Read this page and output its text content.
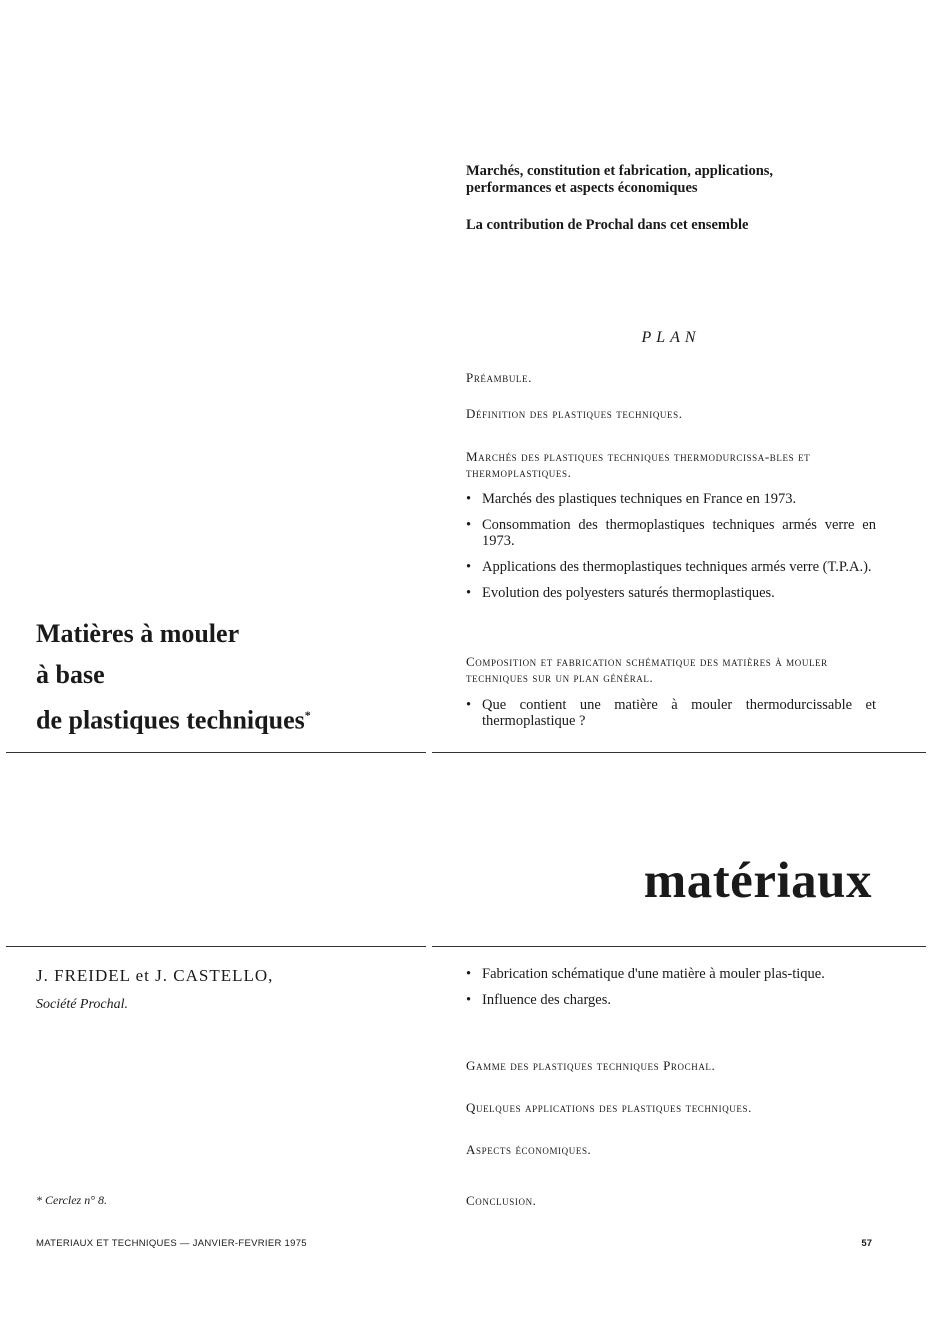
Marchés, constitution et fabrication, applications,
performances et aspects économiques
La contribution de Prochal dans cet ensemble
PLAN
Préambule.
Définition des plastiques techniques.
Marchés des plastiques techniques thermodurcissa-bles et thermoplastiques.
• Marchés des plastiques techniques en France en 1973.
• Consommation des thermoplastiques techniques armés verre en 1973.
• Applications des thermoplastiques techniques armés verre (T.P.A.).
• Evolution des polyesters saturés thermoplastiques.
Composition et fabrication schématique des matières à mouler techniques sur un plan général.
• Que contient une matière à mouler thermodurcissable et thermoplastique ?
Matières à mouler
à base
de plastiques techniques*
matériaux
J. FREIDEL et J. CASTELLO,
Société Prochal.
• Fabrication schématique d'une matière à mouler plas-tique.
• Influence des charges.
Gamme des plastiques techniques Prochal.
Quelques applications des plastiques techniques.
Aspects économiques.
Conclusion.
* Cerclez n° 8.
MATERIAUX ET TECHNIQUES — JANVIER-FEVRIER 1975	57
